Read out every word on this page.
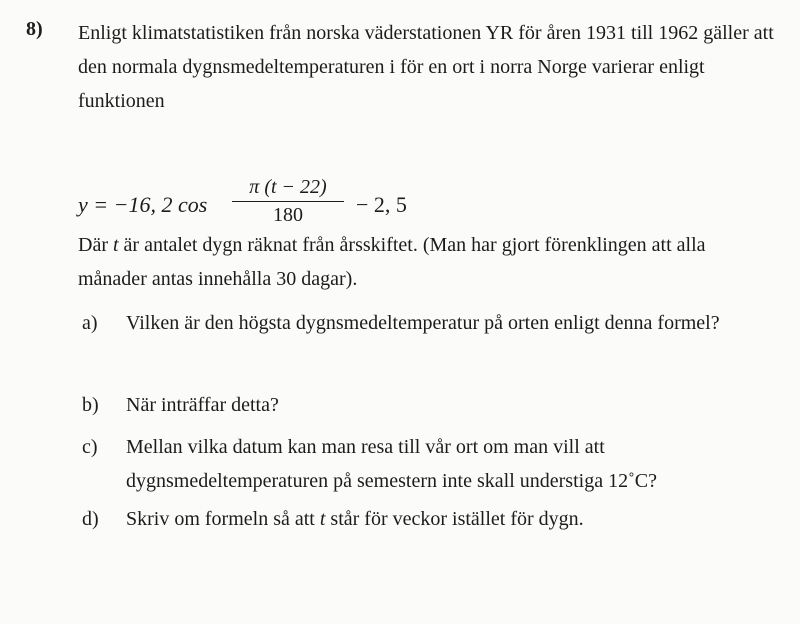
8) Enligt klimatstatistiken från norska väderstationen YR för åren 1931 till 1962 gäller att den normala dygnsmedeltemperaturen i för en ort i norra Norge varierar enligt funktionen
y = −16, 2 cos
π (t − 22)
180	− 2, 5
Där t är antalet dygn räknat från årsskiftet. (Man har gjort förenklingen att alla månader antas innehålla 30 dagar).
a) Vilken är den högsta dygnsmedeltemperatur på orten enligt denna formel?
b) När inträffar detta?
c) Mellan vilka datum kan man resa till vår ort om man vill att dygnsmedeltemperaturen på semestern inte skall understiga 12˚C?
d) Skriv om formeln så att t står för veckor istället för dygn.
